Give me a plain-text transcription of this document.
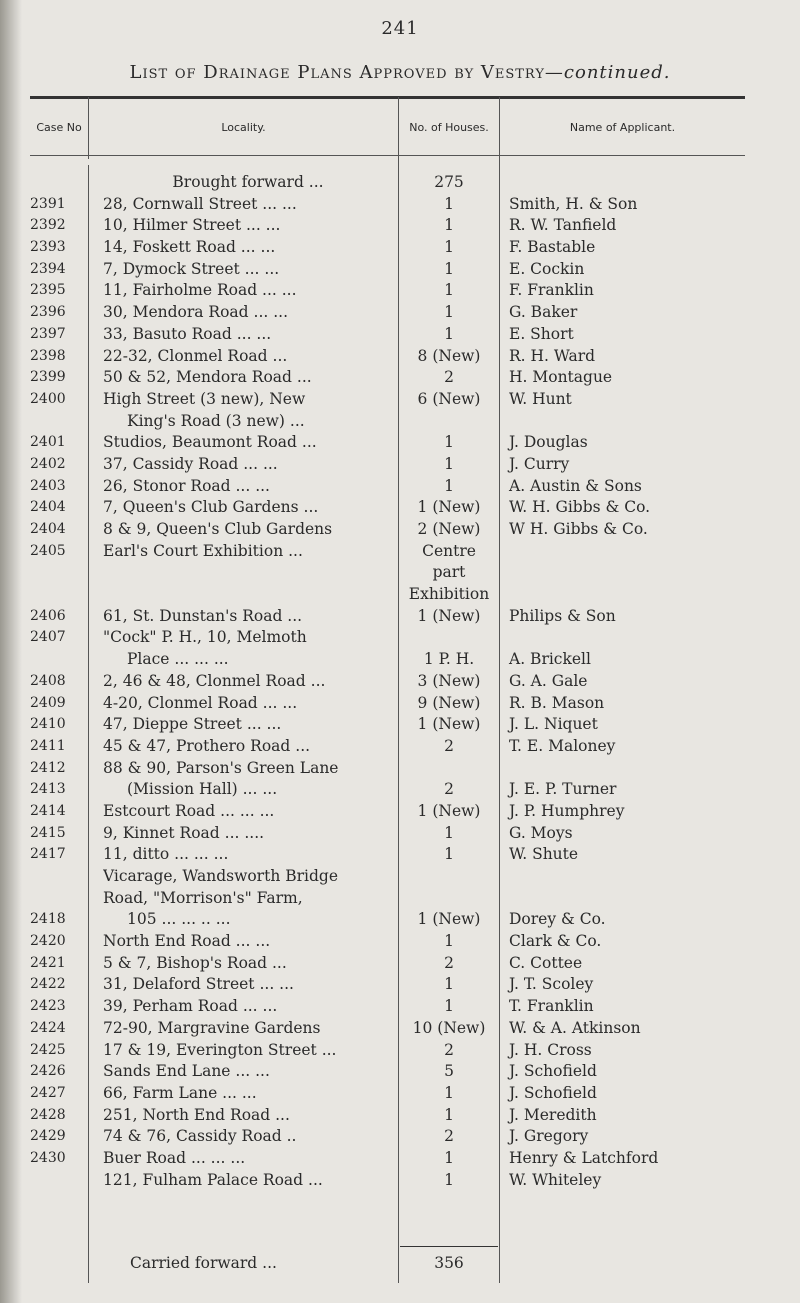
241
List of Drainage Plans Approved by Vestry—continued.
Case No	Locality.	No. of Houses.	Name of Applicant.
Brought forward ...	275
2391	28, Cornwall Street ... ...	1	Smith, H. & Son
2392	10, Hilmer Street ... ...	1	R. W. Tanfield
2393	14, Foskett Road ... ...	1	F. Bastable
2394	7, Dymock Street ... ...	1	E. Cockin
2395	11, Fairholme Road ... ...	1	F. Franklin
2396	30, Mendora Road ... ...	1	G. Baker
2397	33, Basuto Road ... ...	1	E. Short
2398	22-32, Clonmel Road ...	8 (New)	R. H. Ward
2399	50 & 52, Mendora Road ...	2	H. Montague
2400	High Street (3 new), New	6 (New)	W. Hunt
King's Road (3 new) ...
2401	Studios, Beaumont Road ...	1	J. Douglas
2402	37, Cassidy Road ... ...	1	J. Curry
2403	26, Stonor Road ... ...	1	A. Austin & Sons
2404	7, Queen's Club Gardens ...	1 (New)	W. H. Gibbs & Co.
2404	8 & 9, Queen's Club Gardens	2 (New)	W H. Gibbs & Co.
2405	Earl's Court Exhibition ...	Centre
part
Exhibition
2406	61, St. Dunstan's Road ...	1 (New)	Philips & Son
2407	"Cock" P. H., 10, Melmoth
Place ... ... ...	1 P. H.	A. Brickell
2408	2, 46 & 48, Clonmel Road ...	3 (New)	G. A. Gale
2409	4-20, Clonmel Road ... ...	9 (New)	R. B. Mason
2410	47, Dieppe Street ... ...	1 (New)	J. L. Niquet
2411	45 & 47, Prothero Road ...	2	T. E. Maloney
2412	88 & 90, Parson's Green Lane
2413	(Mission Hall) ... ...	2	J. E. P. Turner
2414	Estcourt Road ... ... ...	1 (New)	J. P. Humphrey
2415	9, Kinnet Road ... ....	1	G. Moys
2417	11, ditto ... ... ...	1	W. Shute
Vicarage, Wandsworth Bridge
Road, "Morrison's" Farm,
2418	105 ... ... .. ...	1 (New)	Dorey & Co.
2420	North End Road ... ...	1	Clark & Co.
2421	5 & 7, Bishop's Road ...	2	C. Cottee
2422	31, Delaford Street ... ...	1	J. T. Scoley
2423	39, Perham Road ... ...	1	T. Franklin
2424	72-90, Margravine Gardens	10 (New)	W. & A. Atkinson
2425	17 & 19, Everington Street ...	2	J. H. Cross
2426	Sands End Lane ... ...	5	J. Schofield
2427	66, Farm Lane ... ...	1	J. Schofield
2428	251, North End Road ...	1	J. Meredith
2429	74 & 76, Cassidy Road ..	2	J. Gregory
2430	Buer Road ... ... ...	1	Henry & Latchford
121, Fulham Palace Road ...	1	W. Whiteley
Carried forward ...	356
